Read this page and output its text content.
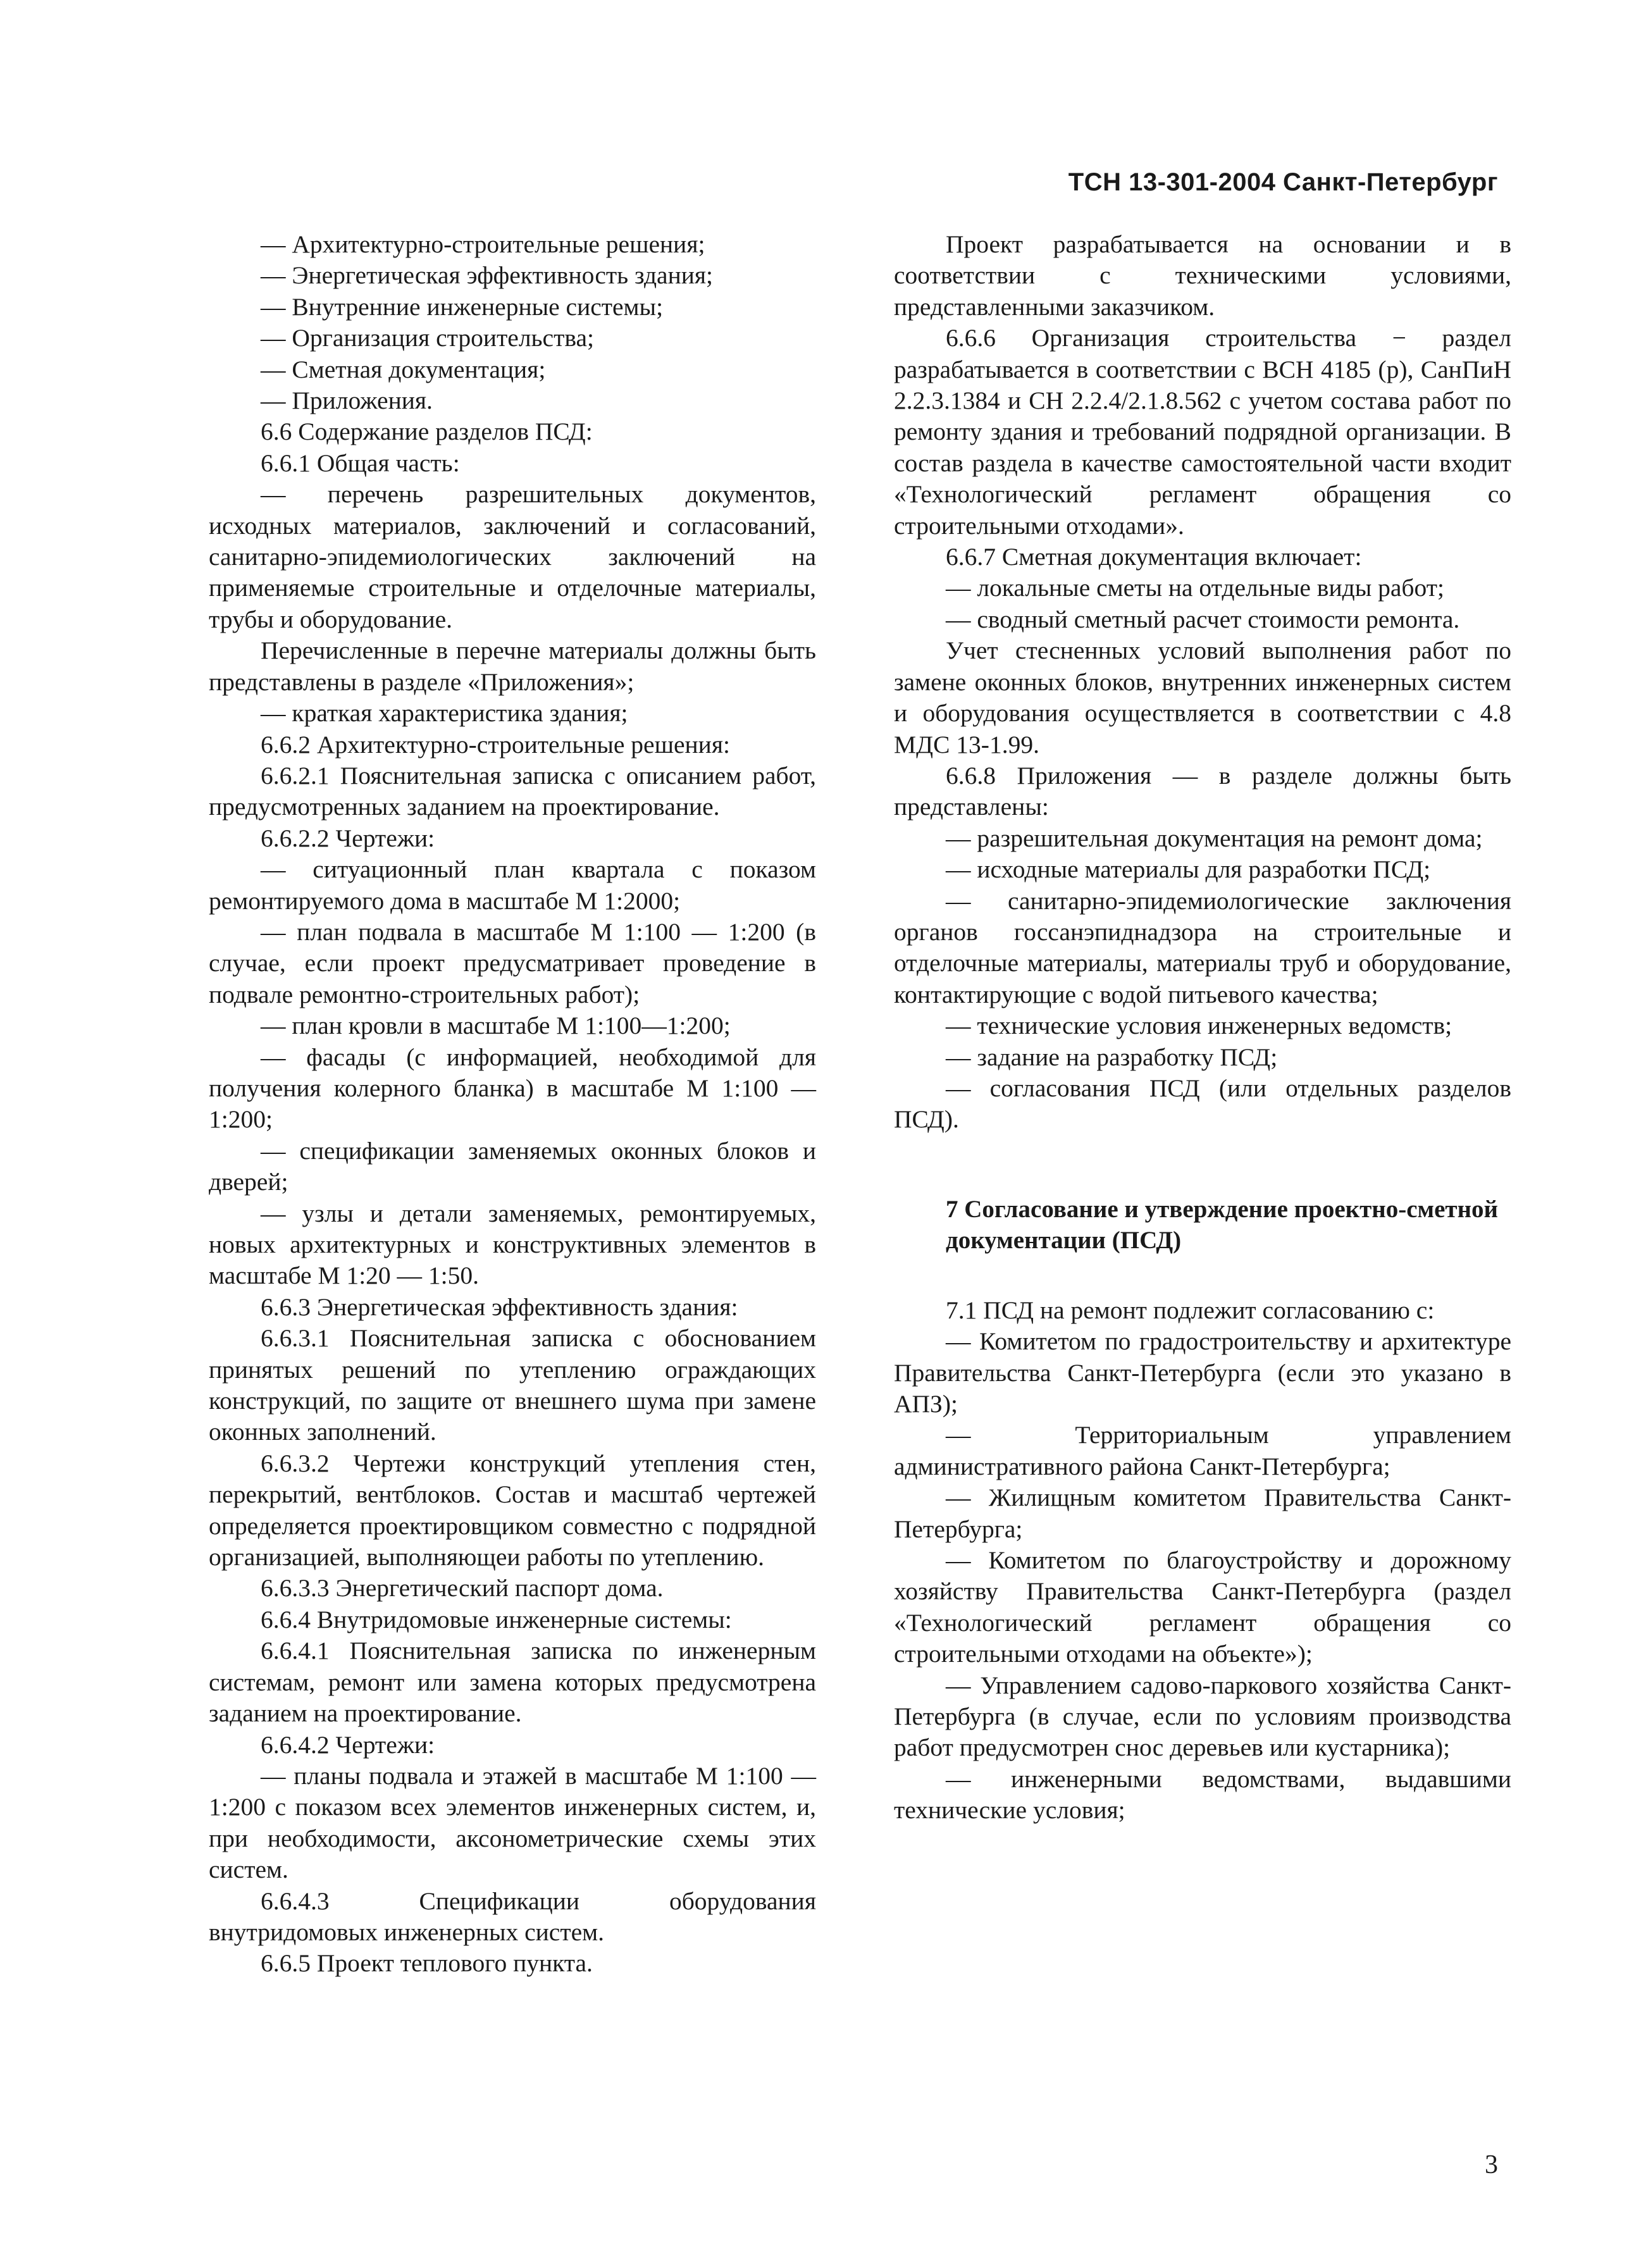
ТСН 13-301-2004 Санкт-Петербург

— Архитектурно-строительные решения;

— Энергетическая эффективность здания;

— Внутренние инженерные системы;

— Организация строительства;

— Сметная документация;

— Приложения.

6.6 Содержание разделов ПСД:

6.6.1 Общая часть:

— перечень разрешительных документов, исходных материалов, заключений и согласований, санитарно-эпидемиологических заключений на применяемые строительные и отделочные материалы, трубы и оборудование.

Перечисленные в перечне материалы должны быть представлены в разделе «Приложения»;

— краткая характеристика здания;

6.6.2 Архитектурно-строительные решения:

6.6.2.1 Пояснительная записка с описанием работ, предусмотренных заданием на проектирование.

6.6.2.2 Чертежи:

— ситуационный план квартала с показом ремонтируемого дома в масштабе М 1:2000;

— план подвала в масштабе М 1:100 — 1:200 (в случае, если проект предусматривает проведение в подвале ремонтно-строительных работ);

— план кровли в масштабе М 1:100—1:200;

— фасады (с информацией, необходимой для получения колерного бланка) в масштабе М 1:100 — 1:200;

— спецификации заменяемых оконных блоков и дверей;

— узлы и детали заменяемых, ремонтируемых, новых архитектурных и конструктивных элементов в масштабе М 1:20 — 1:50.

6.6.3 Энергетическая эффективность здания:

6.6.3.1 Пояснительная записка с обоснованием принятых решений по утеплению ограждающих конструкций, по защите от внешнего шума при замене оконных заполнений.

6.6.3.2 Чертежи конструкций утепления стен, перекрытий, вентблоков. Состав и масштаб чертежей определяется проектировщиком совместно с подрядной организацией, выполняющеи работы по утеплению.

6.6.3.3 Энергетический паспорт дома.

6.6.4 Внутридомовые инженерные системы:

6.6.4.1 Пояснительная записка по инженерным системам, ремонт или замена которых предусмотрена заданием на проектирование.

6.6.4.2 Чертежи:

— планы подвала и этажей в масштабе М 1:100 — 1:200 с показом всех элементов инженерных систем, и, при необходимости, аксонометрические схемы этих систем.

6.6.4.3 Спецификации оборудования внутридомовых инженерных систем.

6.6.5 Проект теплового пункта.

Проект разрабатывается на основании и в соответствии с техническими условиями, представленными заказчиком.

6.6.6 Организация строительства − раздел разрабатывается в соответствии с ВСН 4185 (р), СанПиН 2.2.3.1384 и СН 2.2.4/2.1.8.562 с учетом состава работ по ремонту здания и требований подрядной организации. В состав раздела в качестве самостоятельной части входит «Технологический регламент обращения со строительными отходами».

6.6.7 Сметная документация включает:

— локальные сметы на отдельные виды работ;

— сводный сметный расчет стоимости ремонта.

Учет стесненных условий выполнения работ по замене оконных блоков, внутренних инженерных систем и оборудования осуществляется в соответствии с 4.8 МДС 13-1.99.

6.6.8 Приложения — в разделе должны быть представлены:

— разрешительная документация на ремонт дома;

— исходные материалы для разработки ПСД;

— санитарно-эпидемиологические заключения органов госсанэпиднадзора на строительные и отделочные материалы, материалы труб и оборудование, контактирующие с водой питьевого качества;

— технические условия инженерных ведомств;

— задание на разработку ПСД;

— согласования ПСД (или отдельных разделов ПСД).

7 Согласование и утверждение проектно-сметной документации (ПСД)

7.1 ПСД на ремонт подлежит согласованию с:

— Комитетом по градостроительству и архитектуре Правительства Санкт-Петербурга (если это указано в АПЗ);

— Территориальным управлением административного района Санкт-Петербурга;

— Жилищным комитетом Правительства Санкт-Петербурга;

— Комитетом по благоустройству и дорожному хозяйству Правительства Санкт-Петербурга (раздел «Технологический регламент обращения со строительными отходами на объекте»);

— Управлением садово-паркового хозяйства Санкт-Петербурга (в случае, если по условиям производства работ предусмотрен снос деревьев или кустарника);

— инженерными ведомствами, выдавшими технические условия;

3
